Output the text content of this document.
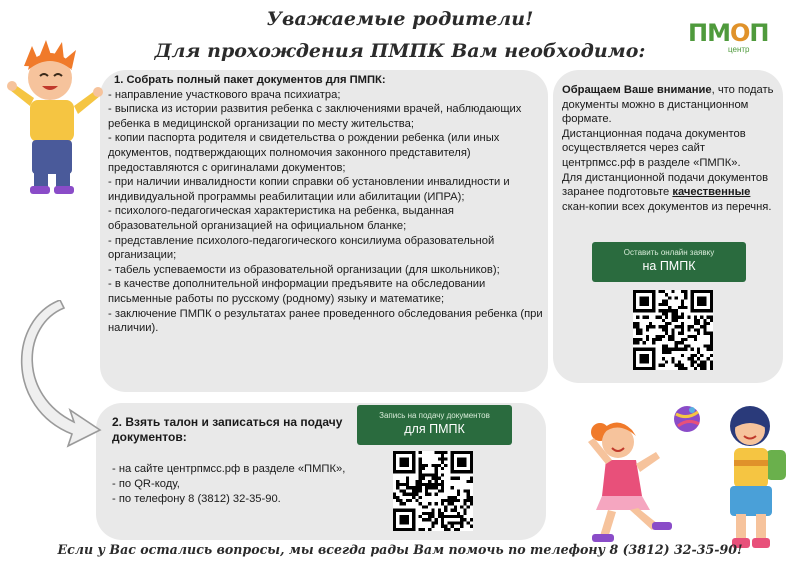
Уважаемые родители!
Для прохождения ПМПК Вам необходимо:
ПМОП
центр
1. Собрать полный пакет документов для ПМПК:
- направление участкового врача психиатра;
- выписка из истории развития ребенка с заключениями врачей, наблюдающих ребенка в медицинской организации по месту жительства;
- копии паспорта родителя и свидетельства о рождении ребенка (или иных документов, подтверждающих полномочия законного представителя) предоставляются с оригиналами документов;
- при наличии инвалидности копии справки об установлении инвалидности и индивидуальной программы реабилитации или абилитации (ИПРА);
- психолого-педагогическая характеристика на ребенка, выданная образовательной организацией на официальном бланке;
- представление психолого-педагогического консилиума образовательной организации;
- табель успеваемости из образовательной организации (для школьников);
- в качестве дополнительной информации предъявите на обследовании письменные работы по русскому (родному) языку и математике;
- заключение ПМПК о результатах ранее проведенного обследования ребенка (при наличии).
2. Взять талон и записаться на подачу документов:
- на сайте центрпмсс.рф в разделе «ПМПК»,
- по QR-коду,
- по телефону 8 (3812) 32-35-90.
Запись на подачу документов
для ПМПК
Обращаем Ваше внимание, что подать документы можно в дистанционном формате.
Дистанционная подача документов осуществляется через сайт центрпмсс.рф в разделе «ПМПК».
Для дистанционной подачи документов заранее подготовьте качественные скан-копии всех документов из перечня.
Оставить онлайн заявку
на ПМПК
Если у Вас остались вопросы, мы всегда рады Вам помочь по телефону 8 (3812) 32-35-90!
